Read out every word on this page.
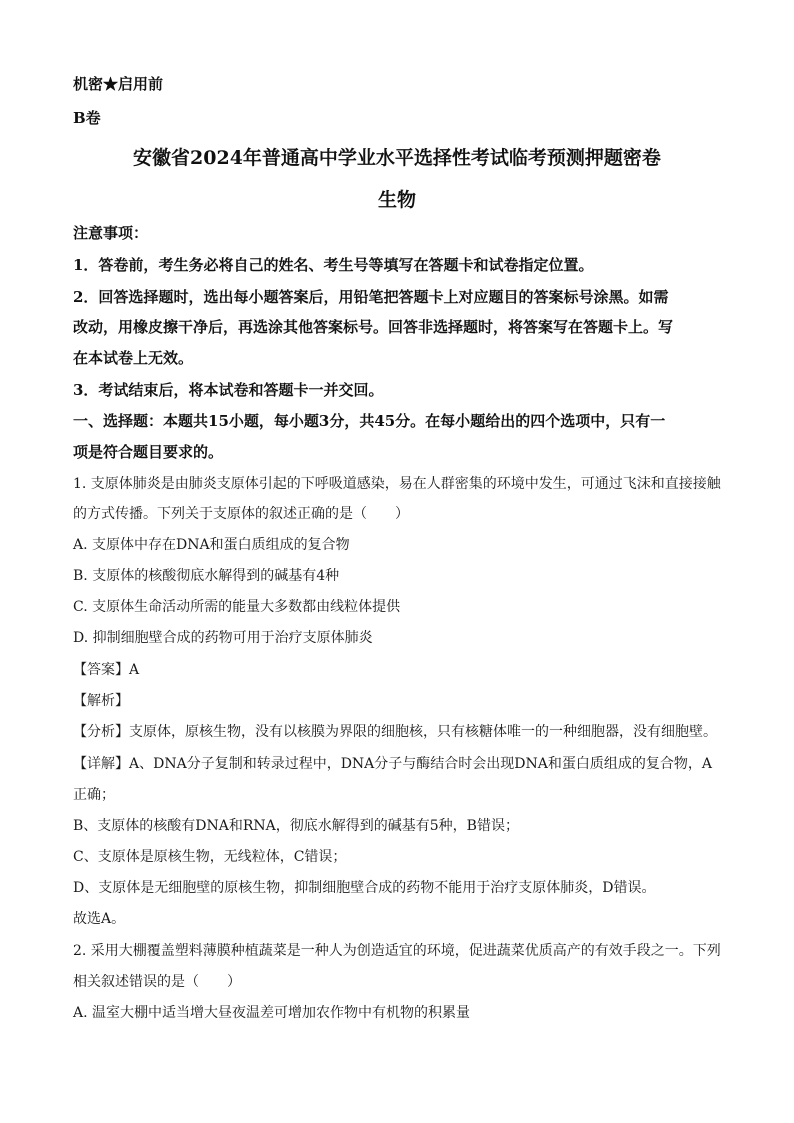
机密★启用前
B卷
安徽省2024年普通高中学业水平选择性考试临考预测押题密卷
生物
注意事项：
1．答卷前，考生务必将自己的姓名、考生号等填写在答题卡和试卷指定位置。
2．回答选择题时，选出每小题答案后，用铅笔把答题卡上对应题目的答案标号涂黑。如需
改动，用橡皮擦干净后，再选涂其他答案标号。回答非选择题时，将答案写在答题卡上。写
在本试卷上无效。
3．考试结束后，将本试卷和答题卡一并交回。
一、选择题：本题共15小题，每小题3分，共45分。在每小题给出的四个选项中，只有一
项是符合题目要求的。
1. 支原体肺炎是由肺炎支原体引起的下呼吸道感染，易在人群密集的环境中发生，可通过飞沫和直接接触
的方式传播。下列关于支原体的叙述正确的是（　　）
A. 支原体中存在DNA和蛋白质组成的复合物
B. 支原体的核酸彻底水解得到的碱基有4种
C. 支原体生命活动所需的能量大多数都由线粒体提供
D. 抑制细胞壁合成的药物可用于治疗支原体肺炎
【答案】A
【解析】
【分析】支原体，原核生物，没有以核膜为界限的细胞核，只有核糖体唯一的一种细胞器，没有细胞壁。
【详解】A、DNA分子复制和转录过程中，DNA分子与酶结合时会出现DNA和蛋白质组成的复合物，A
正确；
B、支原体的核酸有DNA和RNA，彻底水解得到的碱基有5种，B错误；
C、支原体是原核生物，无线粒体，C错误；
D、支原体是无细胞壁的原核生物，抑制细胞壁合成的药物不能用于治疗支原体肺炎，D错误。
故选A。
2. 采用大棚覆盖塑料薄膜种植蔬菜是一种人为创造适宜的环境，促进蔬菜优质高产的有效手段之一。下列
相关叙述错误的是（　　）
A. 温室大棚中适当增大昼夜温差可增加农作物中有机物的积累量
